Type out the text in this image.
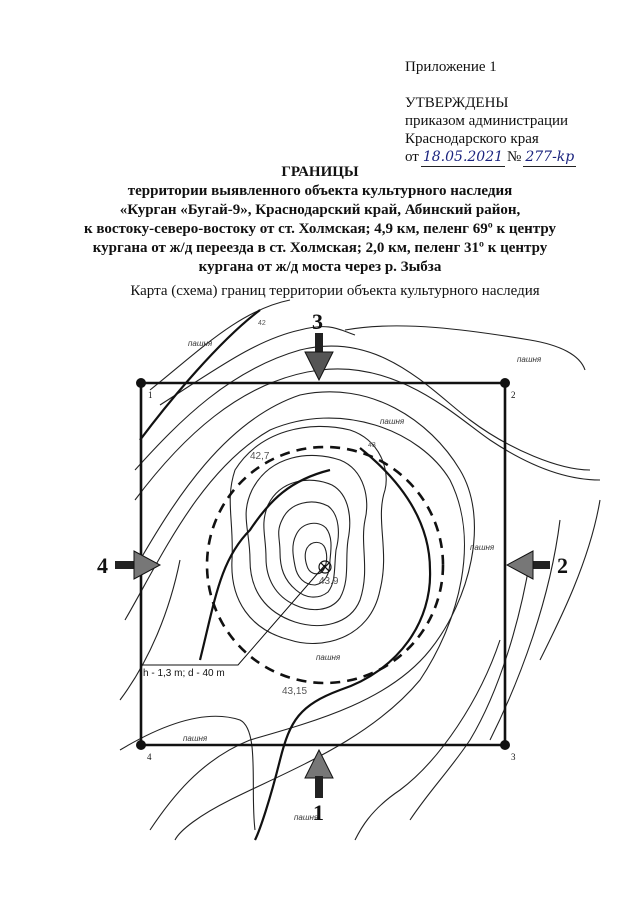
Приложение 1

УТВЕРЖДЕНЫ

приказом администрации

Краснодарского края

от 18.05.2021 № 277-kp

ГРАНИЦЫ

территории выявленного объекта культурного наследия

«Курган «Бугай-9», Краснодарский край, Абинский район,

к востоку-северо-востоку от ст. Холмская; 4,9 км, пеленг 69º к центру

кургана от ж/д переезда в ст. Холмская; 2,0 км, пеленг 31º к центру

кургана от ж/д моста через р. Зыбза

Карта (схема) границ территории объекта культурного наследия
1	2
3
4
3
2
4
1
пашня
пашня
пашня
пашня
пашня
пашня
пашня
42
43
42,7
43,9
43,15
h - 1,3 m; d - 40 m
